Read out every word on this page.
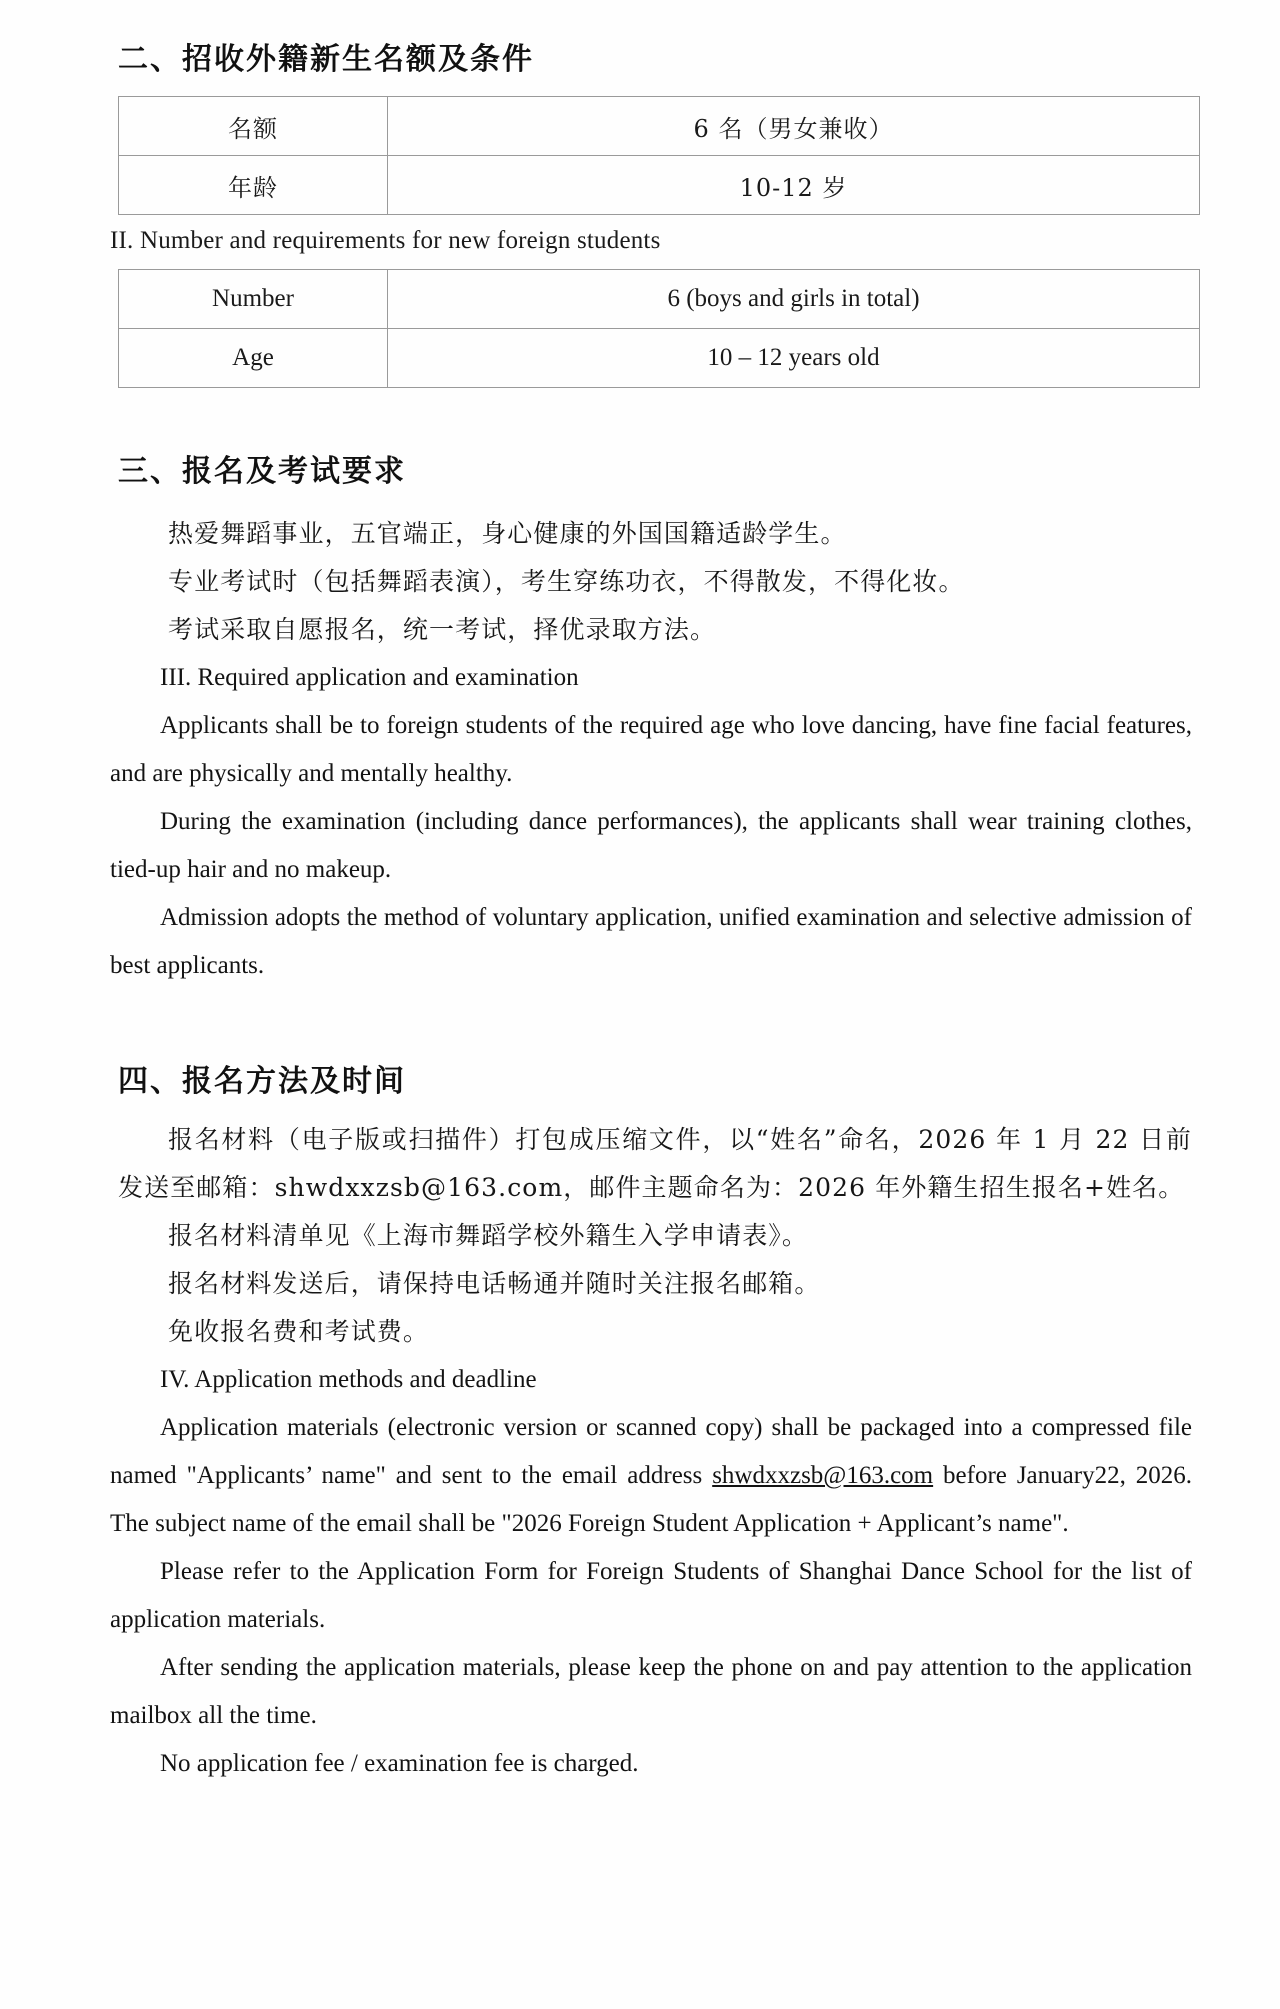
二、招收外籍新生名额及条件
名额	6 名（男女兼收）
年龄	10-12 岁

II. Number and requirements for new foreign students

Number	6 (boys and girls in total)
Age	10 – 12 years old
三、报名及考试要求

热爱舞蹈事业，五官端正，身心健康的外国国籍适龄学生。

专业考试时（包括舞蹈表演），考生穿练功衣，不得散发，不得化妆。

考试采取自愿报名，统一考试，择优录取方法。

III. Required application and examination

Applicants shall be to foreign students of the required age who love dancing, have fine facial features, and are physically and mentally healthy.

During the examination (including dance performances), the applicants shall wear training clothes, tied-up hair and no makeup.

Admission adopts the method of voluntary application, unified examination and selective admission of best applicants.

四、报名方法及时间

报名材料（电子版或扫描件）打包成压缩文件，以“姓名”命名，2026 年 1 月 22 日前发送至邮箱：shwdxxzsb@163.com，邮件主题命名为：2026 年外籍生招生报名+姓名。

报名材料清单见《上海市舞蹈学校外籍生入学申请表》。

报名材料发送后，请保持电话畅通并随时关注报名邮箱。

免收报名费和考试费。

IV. Application methods and deadline

Application materials (electronic version or scanned copy) shall be packaged into a compressed file named "Applicants’ name" and sent to the email address shwdxxzsb@163.com before January22, 2026. The subject name of the email shall be "2026 Foreign Student Application + Applicant’s name".

Please refer to the Application Form for Foreign Students of Shanghai Dance School for the list of application materials.

After sending the application materials, please keep the phone on and pay attention to the application mailbox all the time.

No application fee / examination fee is charged.
